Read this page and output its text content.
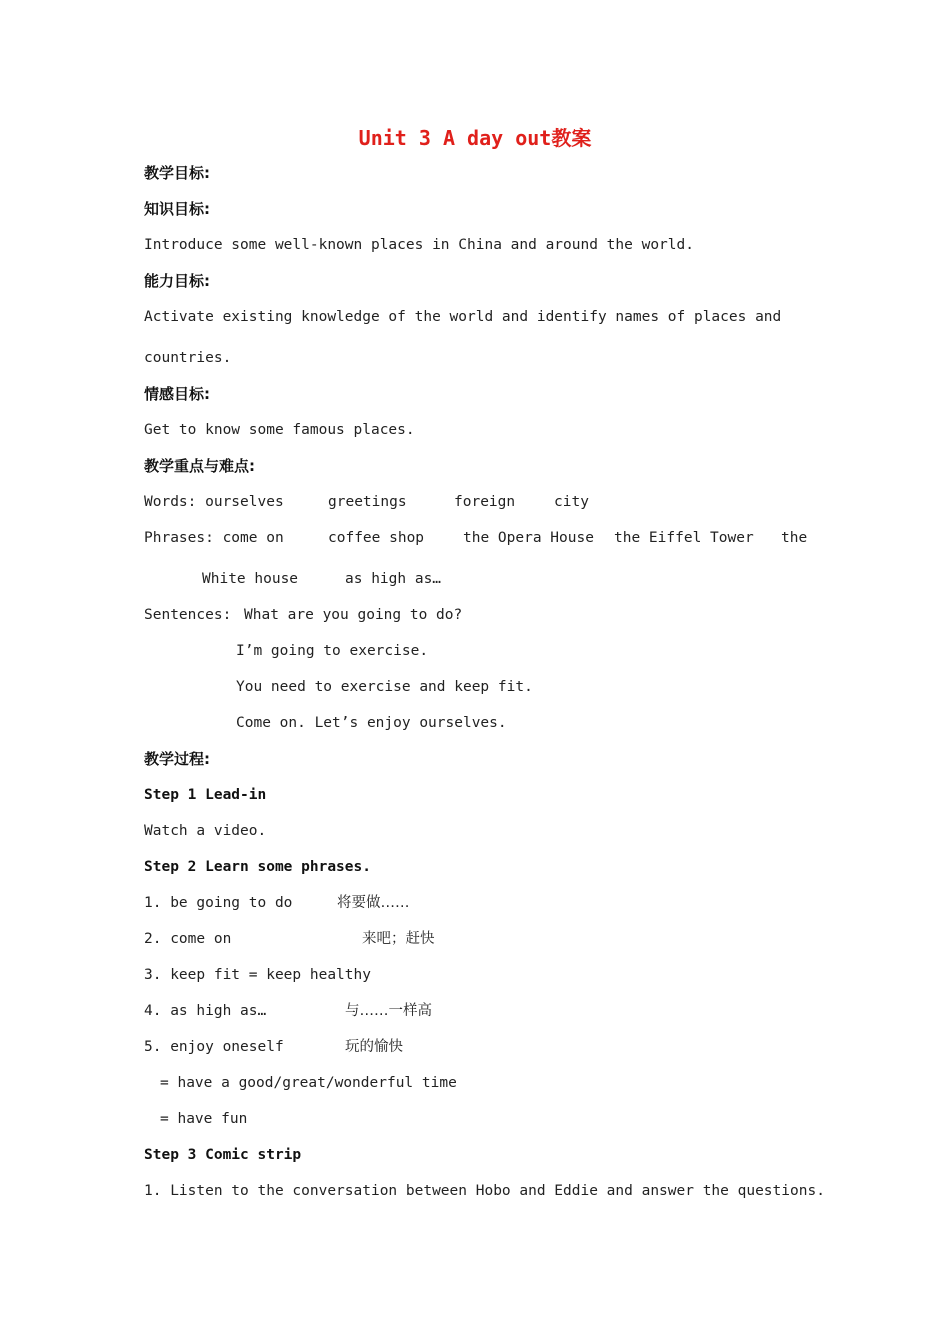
Unit 3 A day out教案
教学目标:
知识目标:
Introduce some well-known places in China and around the world.
能力目标:
Activate existing knowledge of the world and identify names of places and
countries.
情感目标:
Get to know some famous places.
教学重点与难点:
Words: ourselves	greetings	foreign	city
Phrases: come on	coffee shop	the Opera House the Eiffel Tower the
White house	as high as…
Sentences: What are you going to do?
I’m going to exercise.
You need to exercise and keep fit.
Come on. Let’s enjoy ourselves.
教学过程:
Step 1 Lead-in
Watch a video.
Step 2 Learn some phrases.
1. be going to do	将要做……
2. come on	来吧；赶快
3. keep fit = keep healthy
4. as high as…	与……一样高
5. enjoy oneself	玩的愉快
= have a good/great/wonderful time
= have fun
Step 3 Comic strip
1. Listen to the conversation between Hobo and Eddie and answer the questions.
